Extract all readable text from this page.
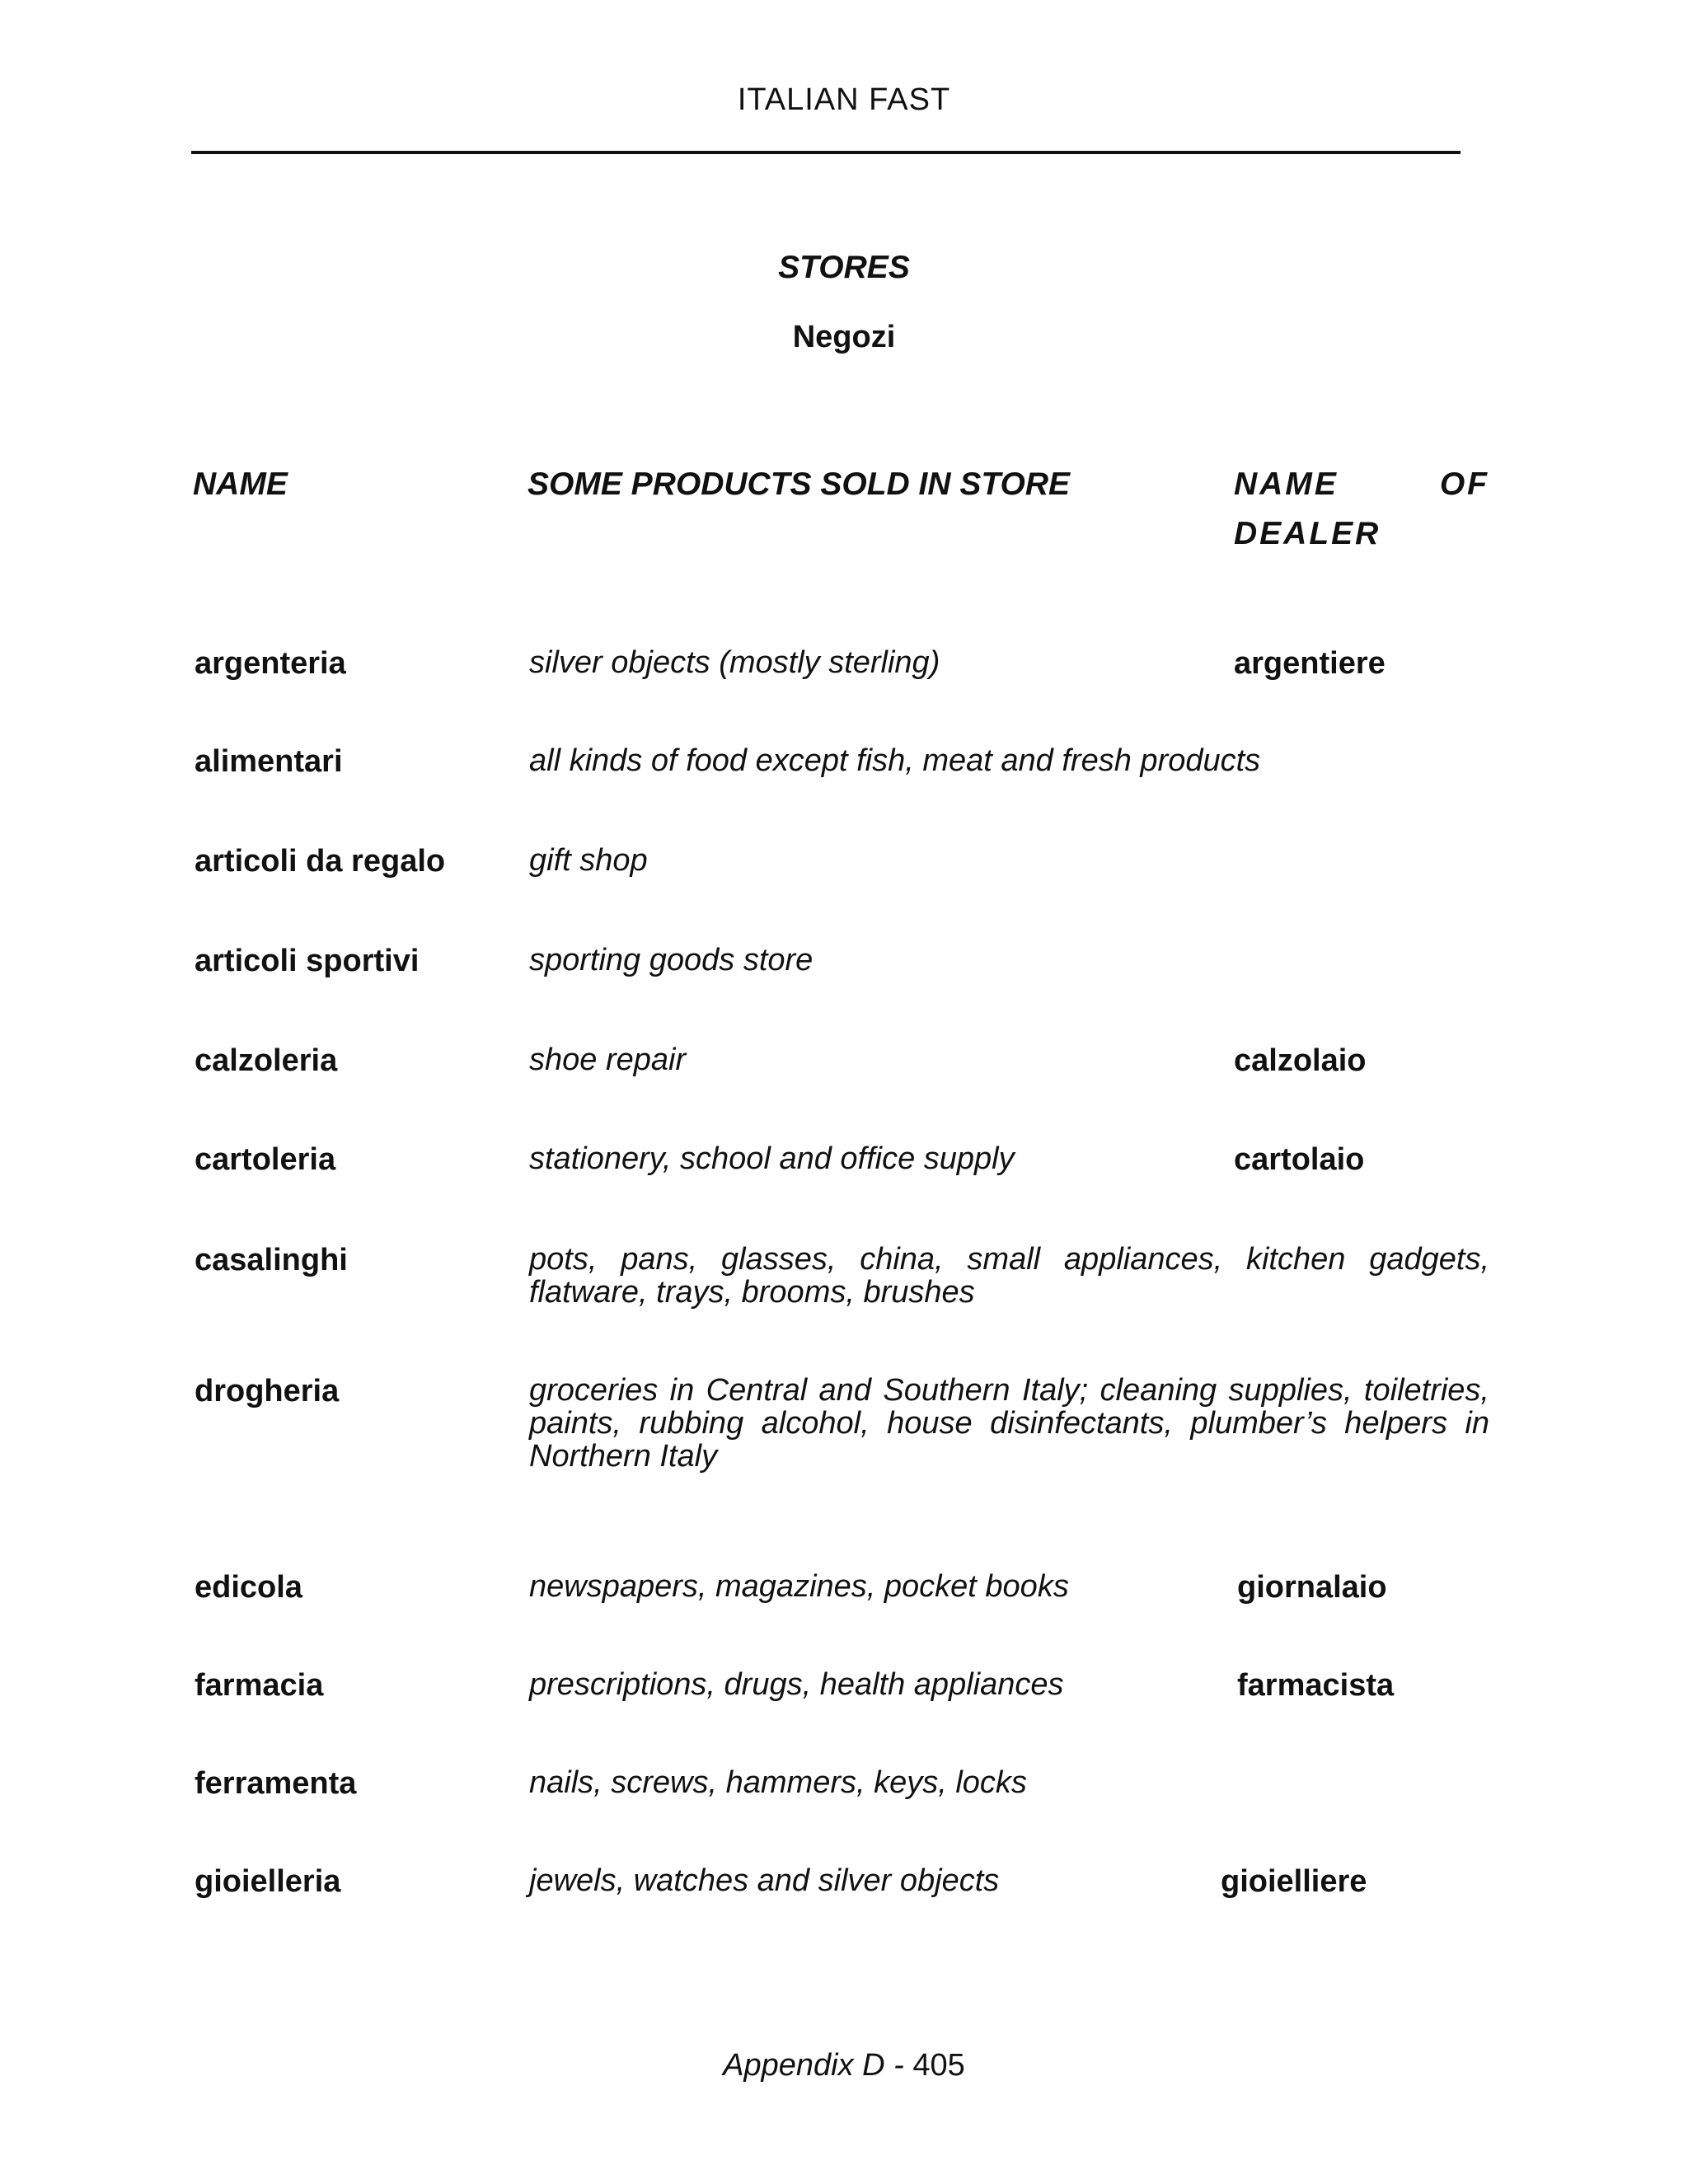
ITALIAN FAST
STORES
Negozi
NAME	SOME PRODUCTS SOLD IN STORE	NAME OF DEALER
argenteria	silver objects (mostly sterling)	argentiere
alimentari	all kinds of food except fish, meat and fresh products
articoli da regalo	gift shop
articoli sportivi	sporting goods store
calzoleria	shoe repair	calzolaio
cartoleria	stationery, school and office supply	cartolaio
casalinghi	pots, pans, glasses, china, small appliances, kitchen gadgets, flatware, trays, brooms, brushes
drogheria	groceries in Central and Southern Italy; cleaning supplies, toiletries, paints, rubbing alcohol, house disinfectants, plumber’s helpers in Northern Italy
edicola	newspapers, magazines, pocket books	giornalaio
farmacia	prescriptions, drugs, health appliances	farmacista
ferramenta	nails, screws, hammers, keys, locks
gioielleria	jewels, watches and silver objects	gioielliere
Appendix D - 405
